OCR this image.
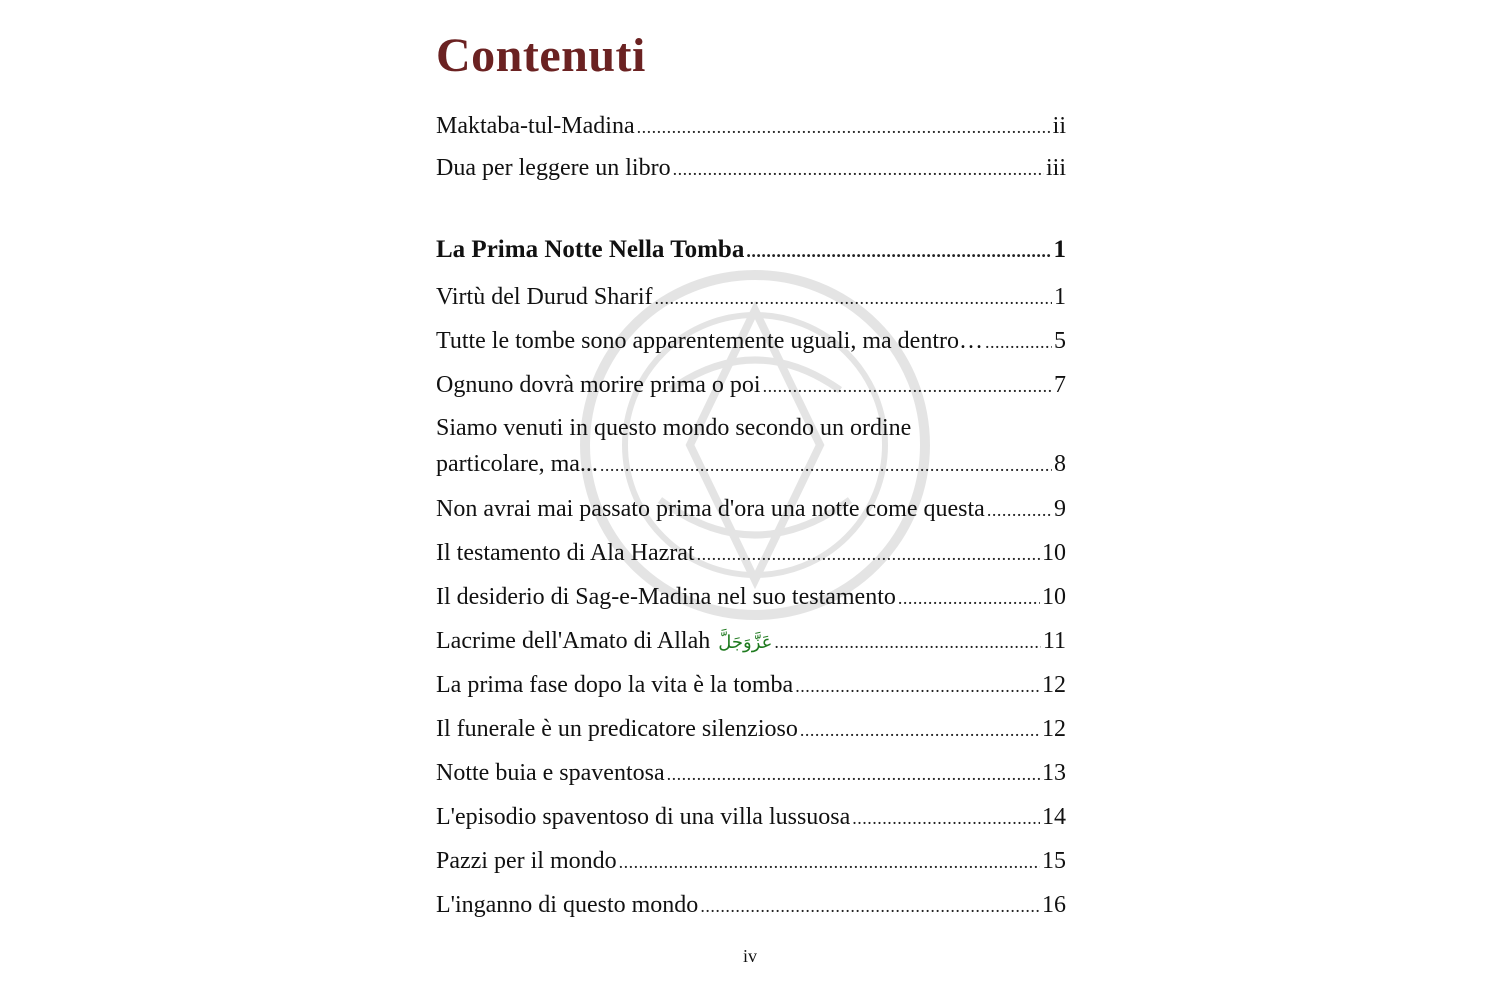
Contenuti
Maktaba-tul-Madina .....	ii
Dua per leggere un libro .....	iii
La Prima Notte Nella Tomba .....	1
Virtù del Durud Sharif .....	1
Tutte le tombe sono apparentemente uguali, ma dentro… .....	5
Ognuno dovrà morire prima o poi .....	7
Siamo venuti in questo mondo secondo un ordine
particolare, ma... .....	8
Non avrai mai passato prima d'ora una notte come questa .....	9
Il testamento di Ala Hazrat .....	10
Il desiderio di Sag-e-Madina nel suo testamento .....	10
Lacrime dell'Amato di Allah عَزَّوَجَلَّ .....	11
La prima fase dopo la vita è la tomba .....	12
Il funerale è un predicatore silenzioso .....	12
Notte buia e spaventosa .....	13
L'episodio spaventoso di una villa lussuosa .....	14
Pazzi per il mondo .....	15
L'inganno di questo mondo .....	16
iv
